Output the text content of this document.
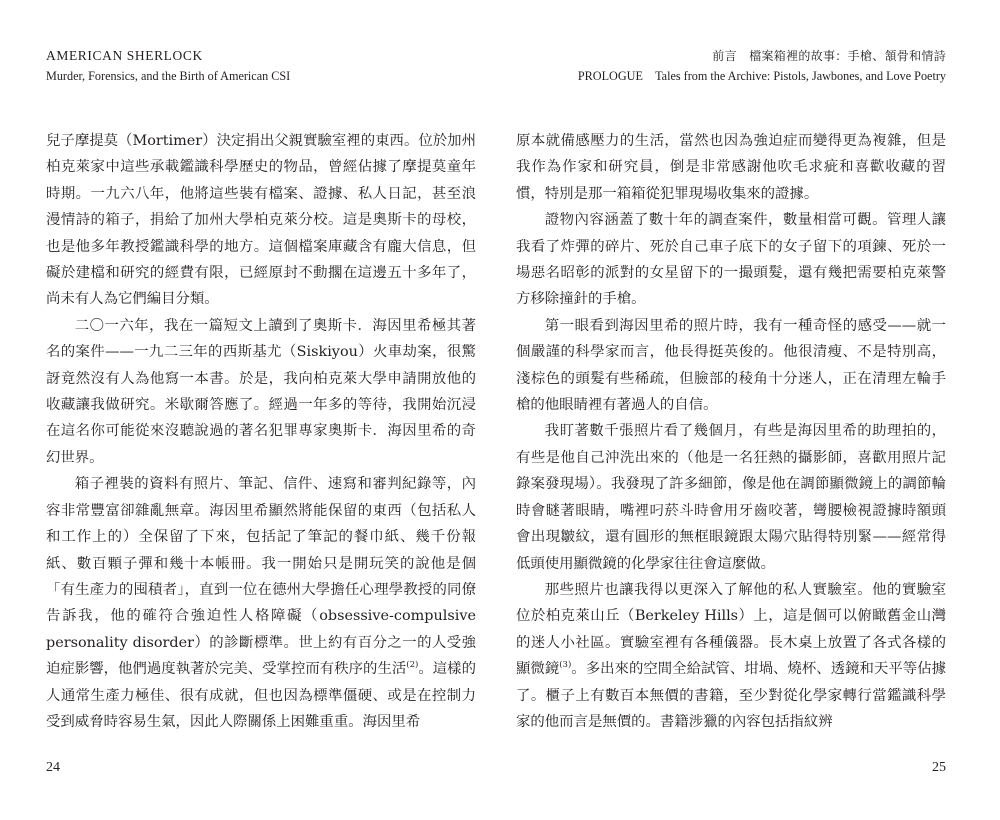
AMERICAN SHERLOCK
Murder, Forensics, and the Birth of American CSI

兒子摩提莫（Mortimer）決定捐出父親實驗室裡的東西。位於加州柏克萊家中這些承載鑑識科學歷史的物品，曾經佔據了摩提莫童年時期。一九六八年，他將這些裝有檔案、證據、私人日記，甚至浪漫情詩的箱子，捐給了加州大學柏克萊分校。這是奧斯卡的母校，也是他多年教授鑑識科學的地方。這個檔案庫藏含有龐大信息，但礙於建檔和研究的經費有限，已經原封不動擱在這邊五十多年了，尚未有人為它們編目分類。

二〇一六年，我在一篇短文上讀到了奧斯卡．海因里希極其著名的案件——一九二三年的西斯基尤（Siskiyou）火車劫案，很驚訝竟然沒有人為他寫一本書。於是，我向柏克萊大學申請開放他的收藏讓我做研究。米歇爾答應了。經過一年多的等待，我開始沉浸在這名你可能從來沒聽說過的著名犯罪專家奧斯卡．海因里希的奇幻世界。

箱子裡裝的資料有照片、筆記、信件、速寫和審判紀錄等，內容非常豐富卻雜亂無章。海因里希顯然將能保留的東西（包括私人和工作上的）全保留了下來，包括記了筆記的餐巾紙、幾千份報紙、數百顆子彈和幾十本帳冊。我一開始只是開玩笑的說他是個「有生產力的囤積者」，直到一位在德州大學擔任心理學教授的同僚告訴我，他的確符合強迫性人格障礙（obsessive-compulsive personality disorder）的診斷標準。世上約有百分之一的人受強迫症影響，他們過度執著於完美、受掌控而有秩序的生活$^{(2)}$。這樣的人通常生產力極佳、很有成就，但也因為標準僵硬、或是在控制力受到威脅時容易生氣，因此人際關係上困難重重。海因里希

24
前言　檔案箱裡的故事：手槍、頷骨和情詩
PROLOGUE　Tales from the Archive: Pistols, Jawbones, and Love Poetry

原本就備感壓力的生活，當然也因為強迫症而變得更為複雜，但是我作為作家和研究員，倒是非常感謝他吹毛求疵和喜歡收藏的習慣，特別是那一箱箱從犯罪現場收集來的證據。

證物內容涵蓋了數十年的調查案件，數量相當可觀。管理人讓我看了炸彈的碎片、死於自己車子底下的女子留下的項鍊、死於一場惡名昭彰的派對的女星留下的一撮頭髮，還有幾把需要柏克萊警方移除撞針的手槍。

第一眼看到海因里希的照片時，我有一種奇怪的感受——就一個嚴謹的科學家而言，他長得挺英俊的。他很清瘦、不是特別高，淺棕色的頭髮有些稀疏，但臉部的稜角十分迷人，正在清理左輪手槍的他眼睛裡有著過人的自信。

我盯著數千張照片看了幾個月，有些是海因里希的助理拍的，有些是他自己沖洗出來的（他是一名狂熱的攝影師，喜歡用照片記錄案發現場）。我發現了許多細節，像是他在調節顯微鏡上的調節輪時會瞇著眼睛，嘴裡叼菸斗時會用牙齒咬著，彎腰檢視證據時額頭會出現皺紋，還有圓形的無框眼鏡跟太陽穴貼得特別緊——經常得低頭使用顯微鏡的化學家往往會這麼做。

那些照片也讓我得以更深入了解他的私人實驗室。他的實驗室位於柏克萊山丘（Berkeley Hills）上，這是個可以俯瞰舊金山灣的迷人小社區。實驗室裡有各種儀器。長木桌上放置了各式各樣的顯微鏡$^{(3)}$。多出來的空間全給試管、坩堝、燒杯、透鏡和天平等佔據了。櫃子上有數百本無價的書籍，至少對從化學家轉行當鑑識科學家的他而言是無價的。書籍涉獵的內容包括指紋辨

25
